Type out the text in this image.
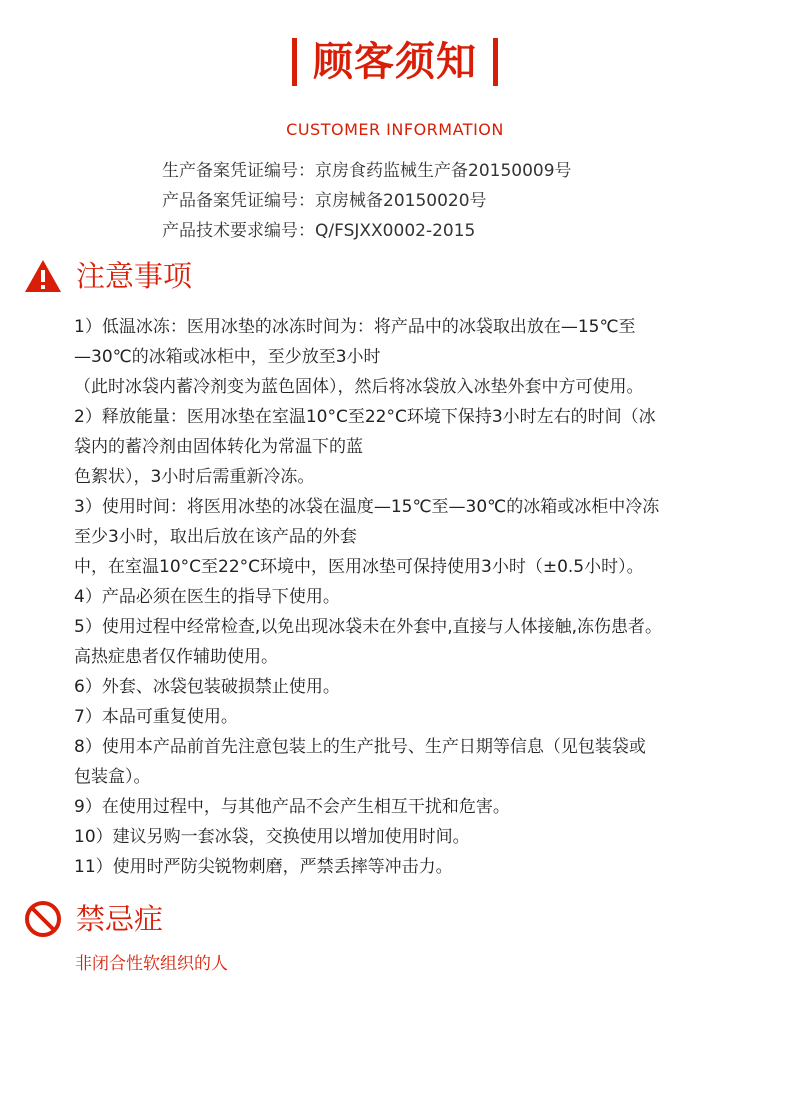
顾客须知
CUSTOMER INFORMATION
生产备案凭证编号：京房食药监械生产备20150009号
产品备案凭证编号：京房械备20150020号
产品技术要求编号：Q/FSJXX0002-2015
注意事项
1）低温冰冻：医用冰垫的冰冻时间为：将产品中的冰袋取出放在—15℃至
—30℃的冰箱或冰柜中，至少放至3小时
（此时冰袋内蓄冷剂变为蓝色固体），然后将冰袋放入冰垫外套中方可使用。
2）释放能量：医用冰垫在室温10°C至22°C环境下保持3小时左右的时间（冰
袋内的蓄冷剂由固体转化为常温下的蓝
色絮状），3小时后需重新冷冻。
3）使用时间：将医用冰垫的冰袋在温度—15℃至—30℃的冰箱或冰柜中冷冻
至少3小时，取出后放在该产品的外套
中，在室温10°C至22°C环境中，医用冰垫可保持使用3小时（±0.5小时）。
4）产品必须在医生的指导下使用。
5）使用过程中经常检查,以免出现冰袋未在外套中,直接与人体接触,冻伤患者。
高热症患者仅作辅助使用。
6）外套、冰袋包装破损禁止使用。
7）本品可重复使用。
8）使用本产品前首先注意包装上的生产批号、生产日期等信息（见包装袋或
包装盒）。
9）在使用过程中，与其他产品不会产生相互干扰和危害。
10）建议另购一套冰袋，交换使用以增加使用时间。
11）使用时严防尖锐物刺磨，严禁丢摔等冲击力。
禁忌症
非闭合性软组织的人
